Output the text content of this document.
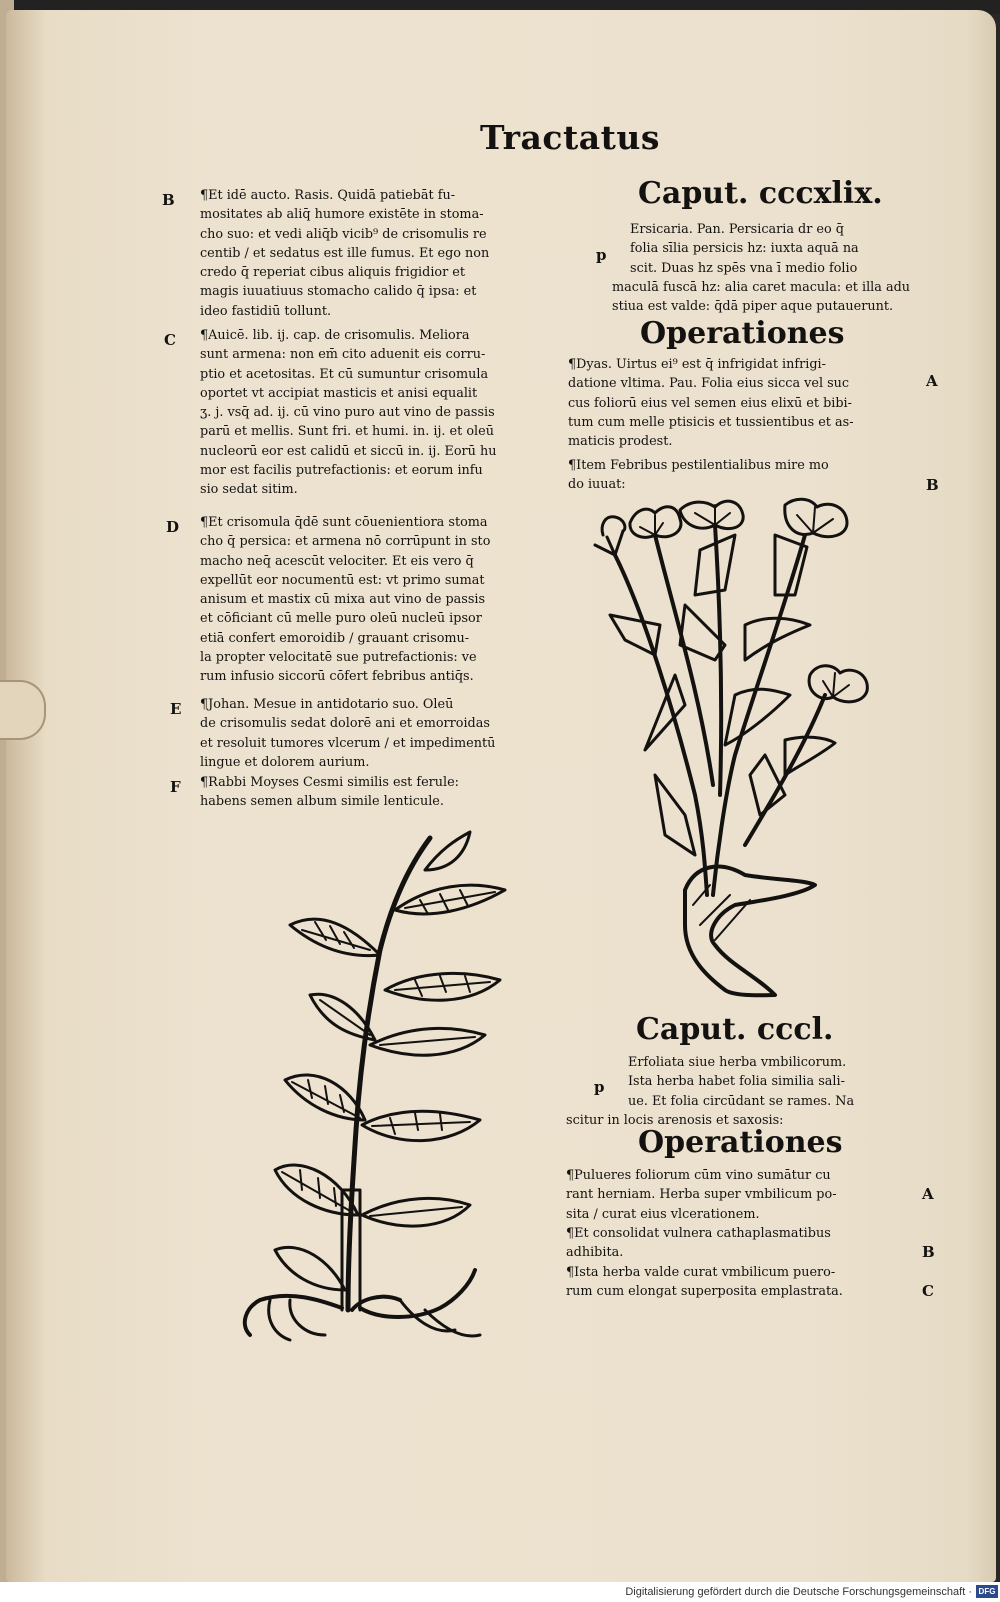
Tractatus
B ¶Et idē aucto. Rasis. Quidā patiebāt fu-
mositates ab aliq̄ humore existēte in stoma-
cho suo: et vedi aliq̄b vicib⁹ de crisomulis re
centib / et sedatus est ille fumus. Et ego non
credo q̄ reperiat cibus aliquis frigidior et
magis iuuatiuus stomacho calido q̄ ipsa: et
ideo fastidiū tollunt.
C ¶Auicē. lib. ij. cap. de crisomulis. Meliora
sunt armena: non em̄ cito aduenit eis corru-
ptio et acetositas. Et cū sumuntur crisomula
oportet vt accipiat masticis et anisi equalit
ʒ. j. vsq̄ ad. ij. cū vino puro aut vino de passis
parū et mellis. Sunt fri. et humi. in. ij. et oleū
nucleorū eor est calidū et siccū in. ij. Eorū hu
mor est facilis putrefactionis: et eorum infu
sio sedat sitim.
D ¶Et crisomula q̄dē sunt cōuenientiora stoma
cho q̄ persica: et armena nō corrūpunt in sto
macho neq̄ acescūt velociter. Et eis vero q̄
expellūt eor nocumentū est: vt primo sumat
anisum et mastix cū mixa aut vino de passis
et cōficiant cū melle puro oleū nucleū ipsor
etiā confert emoroidib / grauant crisomu-
la propter velocitatē sue putrefactionis: ve
rum infusio siccorū cōfert febribus antiq̄s.
E ¶Johan. Mesue in antidotario suo. Oleū
de crisomulis sedat dolorē ani et emorroidas
et resoluit tumores vlcerum / et impedimentū
lingue et dolorem aurium.
F ¶Rabbi Moyses Cesmi similis est ferule:
habens semen album simile lenticule.
Caput. cccxlix.
p
Ersicaria. Pan. Persicaria dr eo q̄
folia sīlia persicis hz: iuxta aquā na
scit. Duas hz spēs vna ī medio folio
maculā fuscā hz: alia caret macula: et illa adu
stiua est valde: q̄dā piper aque putauerunt.
Operationes
A
¶Dyas. Uirtus ei⁹ est q̄ infrigidat infrigi-
datione vltima. Pau. Folia eius sicca vel suc
cus foliorū eius vel semen eius elixū et bibi-
tum cum melle ptisicis et tussientibus et as-
maticis prodest.
B
¶Item Febribus pestilentialibus mire mo
do iuuat:
Caput. cccl.
p
Erfoliata siue herba vmbilicorum.
Ista herba habet folia similia sali-
ue. Et folia circūdant se rames. Na
scitur in locis arenosis et saxosis:
Operationes
A
¶Pulueres foliorum cūm vino sumātur cu
rant herniam. Herba super vmbilicum po-
sita / curat eius vlcerationem.
B
¶Et consolidat vulnera cathaplasmatibus
adhibita.
C
¶Ista herba valde curat vmbilicum puero-
rum cum elongat superposita emplastrata.
Digitalisierung gefördert durch die Deutsche Forschungsgemeinschaft · DFG
